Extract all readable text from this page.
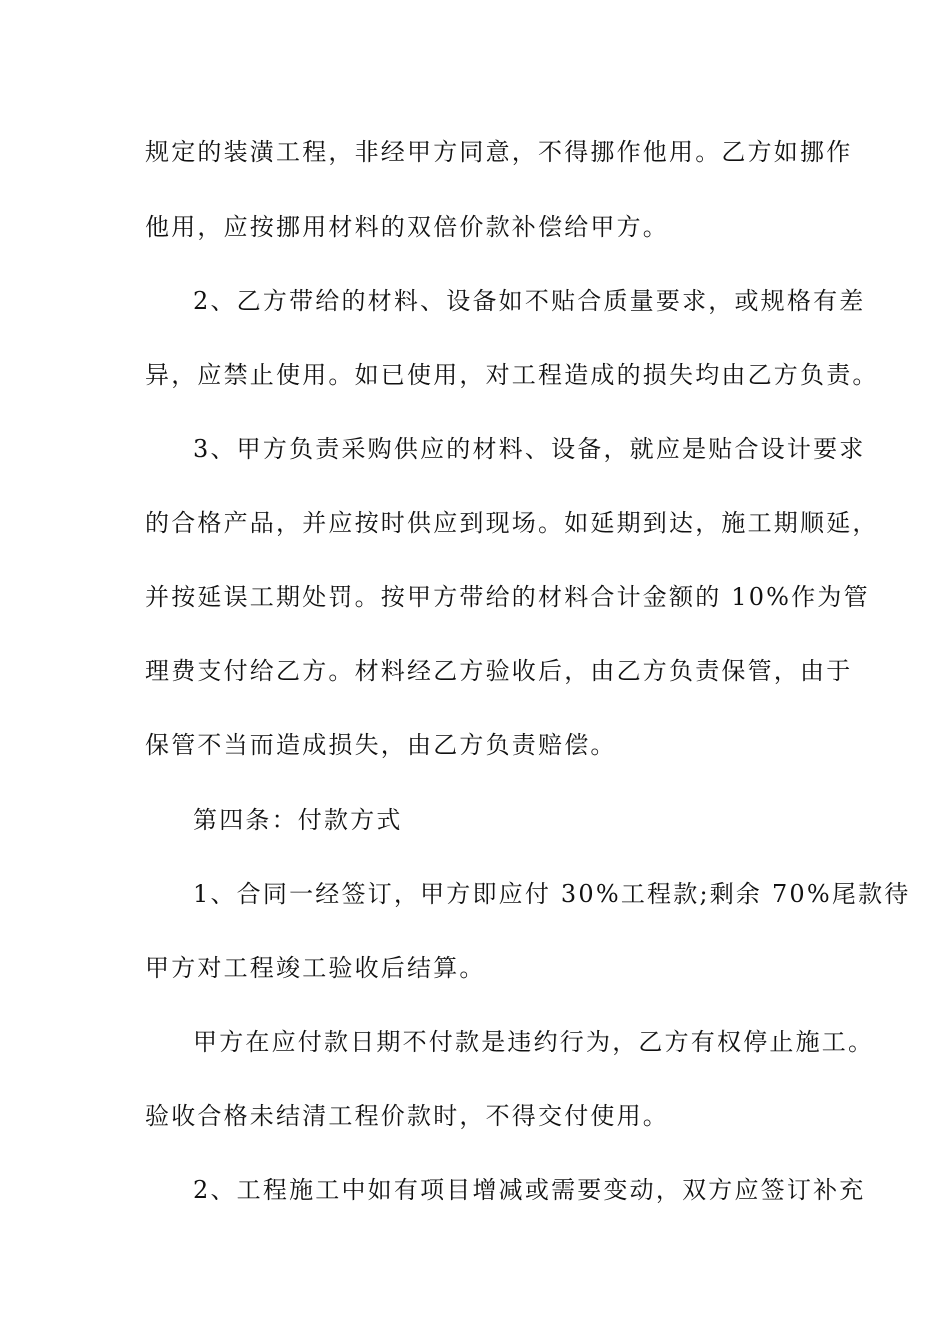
规定的装潢工程，非经甲方同意，不得挪作他用。乙方如挪作
他用，应按挪用材料的双倍价款补偿给甲方。
2、乙方带给的材料、设备如不贴合质量要求，或规格有差
异，应禁止使用。如已使用，对工程造成的损失均由乙方负责。
3、甲方负责采购供应的材料、设备，就应是贴合设计要求
的合格产品，并应按时供应到现场。如延期到达，施工期顺延，
并按延误工期处罚。按甲方带给的材料合计金额的 10%作为管
理费支付给乙方。材料经乙方验收后，由乙方负责保管，由于
保管不当而造成损失，由乙方负责赔偿。
第四条：付款方式
1、合同一经签订，甲方即应付 30%工程款;剩余 70%尾款待
甲方对工程竣工验收后结算。
甲方在应付款日期不付款是违约行为，乙方有权停止施工。
验收合格未结清工程价款时，不得交付使用。
2、工程施工中如有项目增减或需要变动，双方应签订补充
